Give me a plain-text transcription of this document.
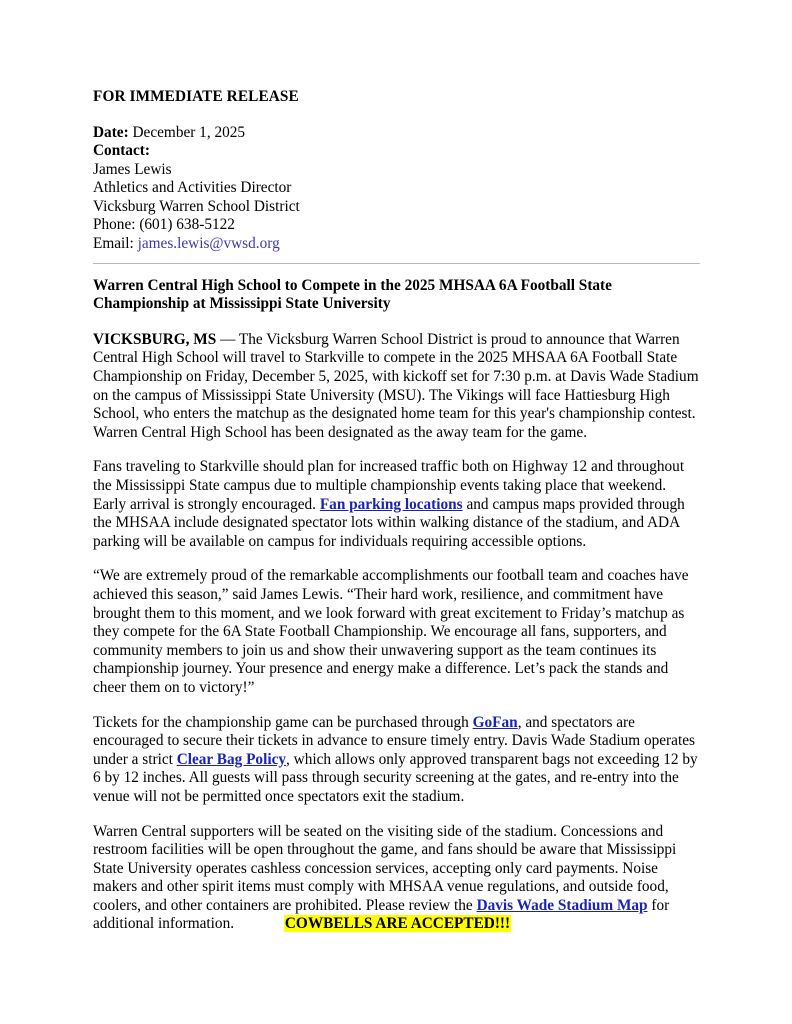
FOR IMMEDIATE RELEASE
Date: December 1, 2025
Contact:
James Lewis
Athletics and Activities Director
Vicksburg Warren School District
Phone: (601) 638-5122
Email: james.lewis@vwsd.org
Warren Central High School to Compete in the 2025 MHSAA 6A Football State Championship at Mississippi State University

VICKSBURG, MS — The Vicksburg Warren School District is proud to announce that Warren Central High School will travel to Starkville to compete in the 2025 MHSAA 6A Football State Championship on Friday, December 5, 2025, with kickoff set for 7:30 p.m. at Davis Wade Stadium on the campus of Mississippi State University (MSU). The Vikings will face Hattiesburg High School, who enters the matchup as the designated home team for this year's championship contest. Warren Central High School has been designated as the away team for the game.

Fans traveling to Starkville should plan for increased traffic both on Highway 12 and throughout the Mississippi State campus due to multiple championship events taking place that weekend. Early arrival is strongly encouraged. Fan parking locations and campus maps provided through the MHSAA include designated spectator lots within walking distance of the stadium, and ADA parking will be available on campus for individuals requiring accessible options.

“We are extremely proud of the remarkable accomplishments our football team and coaches have achieved this season,” said James Lewis. “Their hard work, resilience, and commitment have brought them to this moment, and we look forward with great excitement to Friday’s matchup as they compete for the 6A State Football Championship. We encourage all fans, supporters, and community members to join us and show their unwavering support as the team continues its championship journey. Your presence and energy make a difference. Let’s pack the stands and cheer them on to victory!”

Tickets for the championship game can be purchased through GoFan, and spectators are encouraged to secure their tickets in advance to ensure timely entry. Davis Wade Stadium operates under a strict Clear Bag Policy, which allows only approved transparent bags not exceeding 12 by 6 by 12 inches. All guests will pass through security screening at the gates, and re-entry into the venue will not be permitted once spectators exit the stadium.

Warren Central supporters will be seated on the visiting side of the stadium. Concessions and restroom facilities will be open throughout the game, and fans should be aware that Mississippi State University operates cashless concession services, accepting only card payments. Noise makers and other spirit items must comply with MHSAA venue regulations, and outside food, coolers, and other containers are prohibited. Please review the Davis Wade Stadium Map for additional information.	COWBELLS ARE ACCEPTED!!!
